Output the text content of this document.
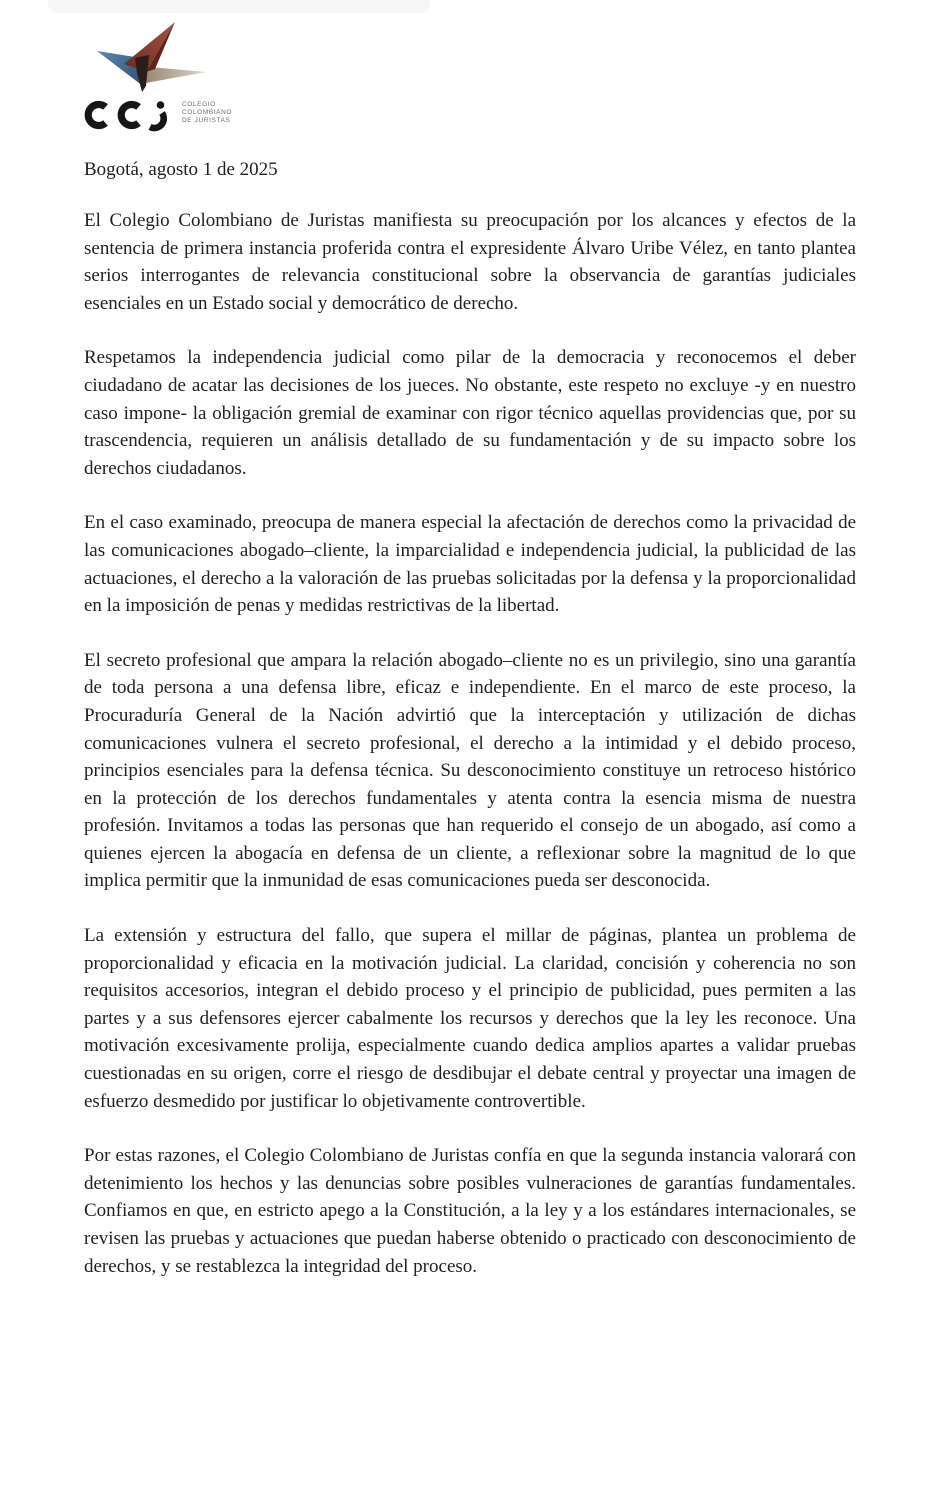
COLEGIO
COLOMBIANO
DE JURISTAS

Bogotá, agosto 1 de 2025

El Colegio Colombiano de Juristas manifiesta su preocupación por los alcances y efectos de la sentencia de primera instancia proferida contra el expresidente Álvaro Uribe Vélez, en tanto plantea serios interrogantes de relevancia constitucional sobre la observancia de garantías judiciales esenciales en un Estado social y democrático de derecho.

Respetamos la independencia judicial como pilar de la democracia y reconocemos el deber ciudadano de acatar las decisiones de los jueces. No obstante, este respeto no excluye -y en nuestro caso impone- la obligación gremial de examinar con rigor técnico aquellas providencias que, por su trascendencia, requieren un análisis detallado de su fundamentación y de su impacto sobre los derechos ciudadanos.

En el caso examinado, preocupa de manera especial la afectación de derechos como la privacidad de las comunicaciones abogado–cliente, la imparcialidad e independencia judicial, la publicidad de las actuaciones, el derecho a la valoración de las pruebas solicitadas por la defensa y la proporcionalidad en la imposición de penas y medidas restrictivas de la libertad.

El secreto profesional que ampara la relación abogado–cliente no es un privilegio, sino una garantía de toda persona a una defensa libre, eficaz e independiente. En el marco de este proceso, la Procuraduría General de la Nación advirtió que la interceptación y utilización de dichas comunicaciones vulnera el secreto profesional, el derecho a la intimidad y el debido proceso, principios esenciales para la defensa técnica. Su desconocimiento constituye un retroceso histórico en la protección de los derechos fundamentales y atenta contra la esencia misma de nuestra profesión. Invitamos a todas las personas que han requerido el consejo de un abogado, así como a quienes ejercen la abogacía en defensa de un cliente, a reflexionar sobre la magnitud de lo que implica permitir que la inmunidad de esas comunicaciones pueda ser desconocida.

La extensión y estructura del fallo, que supera el millar de páginas, plantea un problema de proporcionalidad y eficacia en la motivación judicial. La claridad, concisión y coherencia no son requisitos accesorios, integran el debido proceso y el principio de publicidad, pues permiten a las partes y a sus defensores ejercer cabalmente los recursos y derechos que la ley les reconoce. Una motivación excesivamente prolija, especialmente cuando dedica amplios apartes a validar pruebas cuestionadas en su origen, corre el riesgo de desdibujar el debate central y proyectar una imagen de esfuerzo desmedido por justificar lo objetivamente controvertible.

Por estas razones, el Colegio Colombiano de Juristas confía en que la segunda instancia valorará con detenimiento los hechos y las denuncias sobre posibles vulneraciones de garantías fundamentales. Confiamos en que, en estricto apego a la Constitución, a la ley y a los estándares internacionales, se revisen las pruebas y actuaciones que puedan haberse obtenido o practicado con desconocimiento de derechos, y se restablezca la integridad del proceso.
